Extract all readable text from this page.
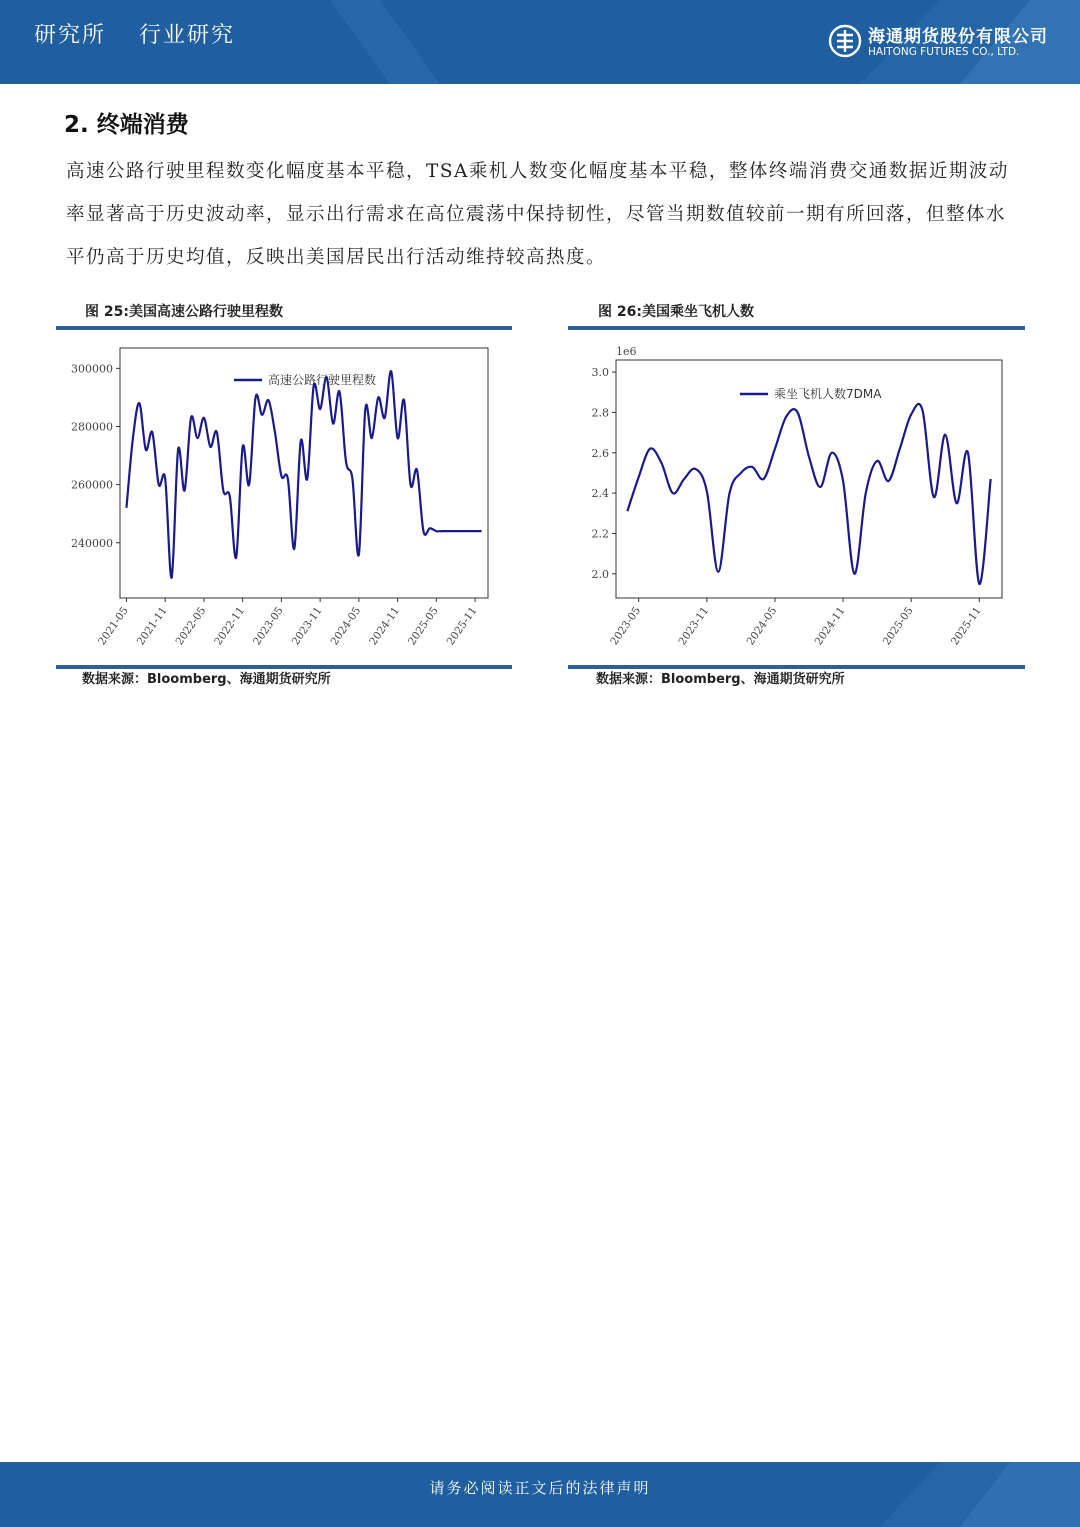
研究所 行业研究	海通期货股份有限公司
HAITONG FUTURES CO., LTD.
2. 终端消费
高速公路行驶里程数变化幅度基本平稳，TSA乘机人数变化幅度基本平稳，整体终端消费交通数据近期波动率显著高于历史波动率，显示出行需求在高位震荡中保持韧性，尽管当期数值较前一期有所回落，但整体水平仍高于历史均值，反映出美国居民出行活动维持较高热度。
图 25:美国高速公路行驶里程数
240000
260000
280000
300000
2021-05 2021-11 2022-05 2022-11 2023-05 2023-11 2024-05 2024-11 2025-05 2025-11
高速公路行驶里程数
数据来源：Bloomberg、海通期货研究所
图 26:美国乘坐飞机人数
2.0
2.2
2.4
2.6
2.8
3.0
1e6
2023-05	2023-11	2024-05	2024-11	2025-05	2025-11
乘坐飞机人数7DMA
数据来源：Bloomberg、海通期货研究所
请务必阅读正文后的法律声明
